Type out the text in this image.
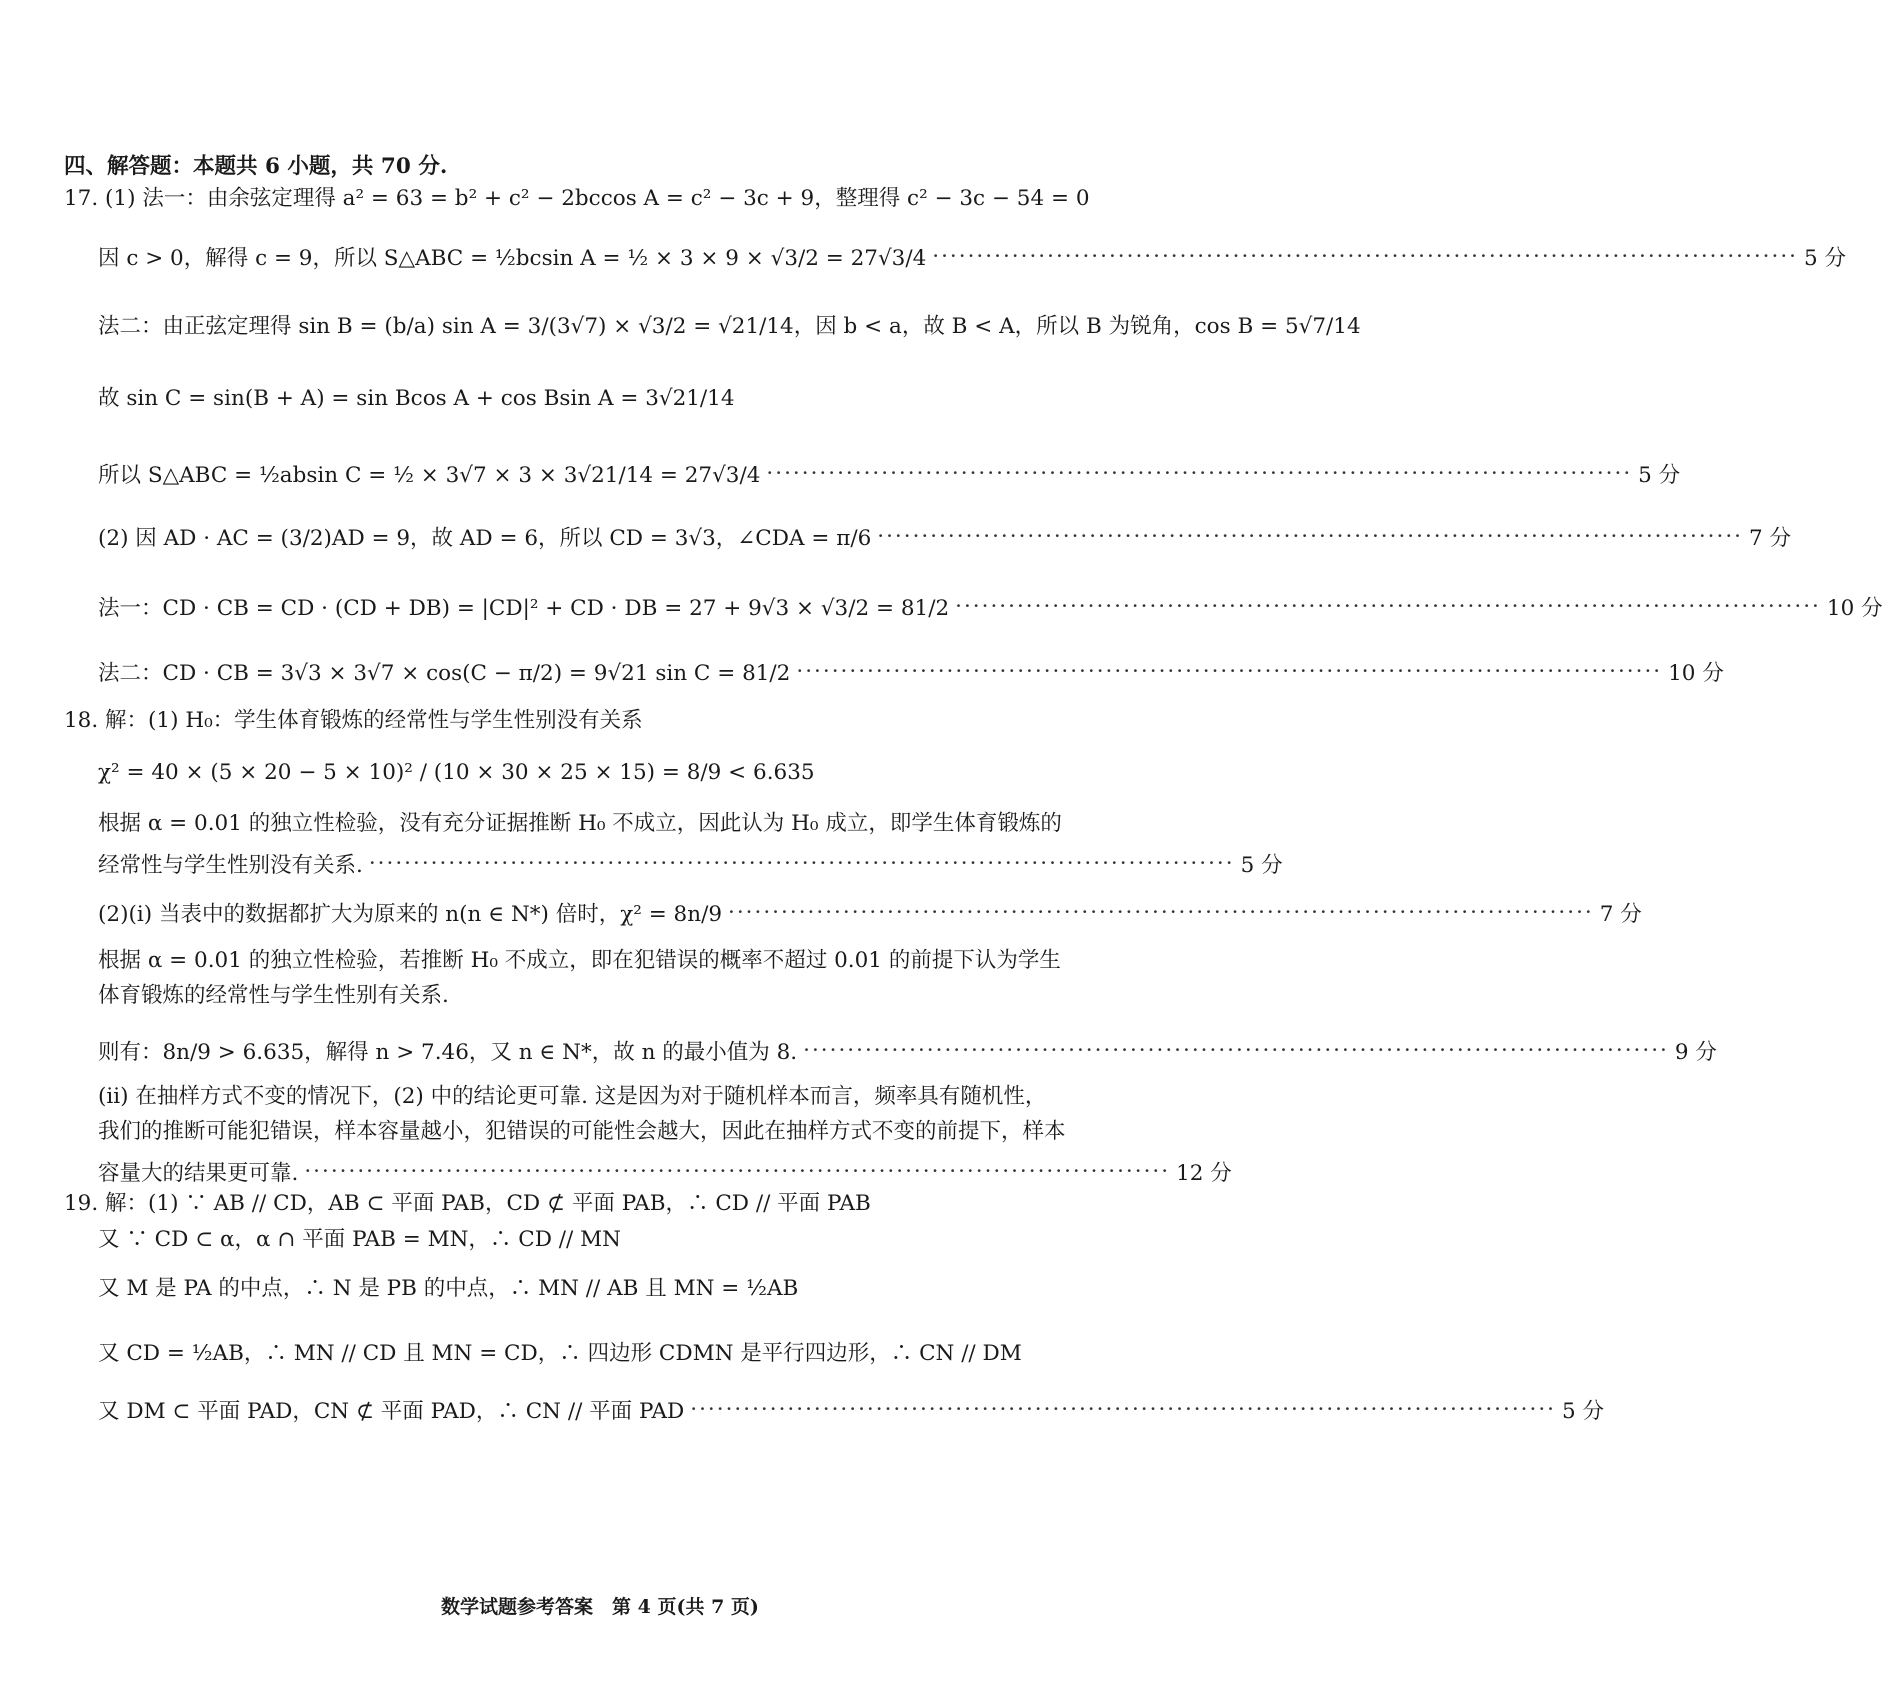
四、解答题：本题共 6 小题，共 70 分.
17. (1) 法一：由余弦定理得 a² = 63 = b² + c² − 2bccos A = c² − 3c + 9，整理得 c² − 3c − 54 = 0
因 c > 0，解得 c = 9，所以 S△ABC = ½bcsin A = ½ × 3 × 9 × √3/2 = 27√3/4 ·································································································· 5 分
法二：由正弦定理得 sin B = (b/a) sin A = 3/(3√7) × √3/2 = √21/14，因 b < a，故 B < A，所以 B 为锐角，cos B = 5√7/14
故 sin C = sin(B + A) = sin Bcos A + cos Bsin A = 3√21/14
所以 S△ABC = ½absin C = ½ × 3√7 × 3 × 3√21/14 = 27√3/4 ·································································································· 5 分
(2) 因 AD · AC = (3/2)AD = 9，故 AD = 6，所以 CD = 3√3，∠CDA = π/6 ·································································································· 7 分
法一：CD · CB = CD · (CD + DB) = |CD|² + CD · DB = 27 + 9√3 × √3/2 = 81/2 ·································································································· 10 分
法二：CD · CB = 3√3 × 3√7 × cos(C − π/2) = 9√21 sin C = 81/2 ·································································································· 10 分
18. 解：(1) H₀：学生体育锻炼的经常性与学生性别没有关系
χ² = 40 × (5 × 20 − 5 × 10)² / (10 × 30 × 25 × 15) = 8/9 < 6.635
根据 α = 0.01 的独立性检验，没有充分证据推断 H₀ 不成立，因此认为 H₀ 成立，即学生体育锻炼的
经常性与学生性别没有关系. ·································································································· 5 分
(2)(ⅰ) 当表中的数据都扩大为原来的 n(n ∈ N*) 倍时，χ² = 8n/9 ·································································································· 7 分
根据 α = 0.01 的独立性检验，若推断 H₀ 不成立，即在犯错误的概率不超过 0.01 的前提下认为学生
体育锻炼的经常性与学生性别有关系.
则有：8n/9 > 6.635，解得 n > 7.46，又 n ∈ N*，故 n 的最小值为 8. ·································································································· 9 分
(ⅱ) 在抽样方式不变的情况下，(2) 中的结论更可靠. 这是因为对于随机样本而言，频率具有随机性，
我们的推断可能犯错误，样本容量越小，犯错误的可能性会越大，因此在抽样方式不变的前提下，样本
容量大的结果更可靠. ·································································································· 12 分
19. 解：(1) ∵ AB // CD，AB ⊂ 平面 PAB，CD ⊄ 平面 PAB，∴ CD // 平面 PAB
又 ∵ CD ⊂ α，α ∩ 平面 PAB = MN，∴ CD // MN
又 M 是 PA 的中点，∴ N 是 PB 的中点，∴ MN // AB 且 MN = ½AB
又 CD = ½AB，∴ MN // CD 且 MN = CD，∴ 四边形 CDMN 是平行四边形，∴ CN // DM
又 DM ⊂ 平面 PAD，CN ⊄ 平面 PAD，∴ CN // 平面 PAD ·································································································· 5 分
数学试题参考答案　第 4 页(共 7 页)
